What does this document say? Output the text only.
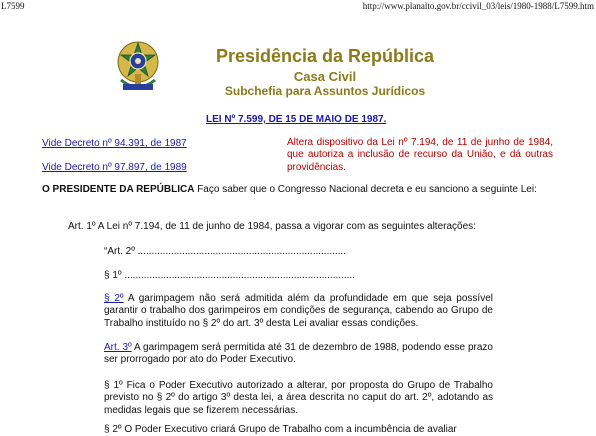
L7599	http://www.planalto.gov.br/ccivil_03/leis/1980-1988/L7599.htm
Presidência da República
Casa Civil
Subchefia para Assuntos Jurídicos
LEI Nº 7.599, DE 15 DE MAIO DE 1987.
Vide Decreto nº 94.391, de 1987
Vide Decreto nº 97.897, de 1989
Altera dispositivo da Lei nº 7.194, de 11 de junho de 1984, que autoriza a inclusão de recurso da União, e dá outras providências.
O PRESIDENTE DA REPÚBLICA Faço saber que o Congresso Nacional decreta e eu sanciono a seguinte Lei:
Art. 1º A Lei nº 7.194, de 11 de junho de 1984, passa a vigorar com as seguintes alterações:
“Art. 2º ...........................................................................
§ 1º ...................................................................................
§ 2º A garimpagem não será admitida além da profundidade em que seja possível garantir o trabalho dos garimpeiros em condições de segurança, cabendo ao Grupo de Trabalho instituído no § 2º do art. 3º desta Lei avaliar essas condições.
Art. 3º A garimpagem será permitida até 31 de dezembro de 1988, podendo esse prazo ser prorrogado por ato do Poder Executivo.
§ 1º Fica o Poder Executivo autorizado a alterar, por proposta do Grupo de Trabalho previsto no § 2º do artigo 3º desta lei, a área descrita no caput do art. 2º, adotando as medidas legais que se fizerem necessárias.
§ 2º O Poder Executivo criará Grupo de Trabalho com a incumbência de avaliar
